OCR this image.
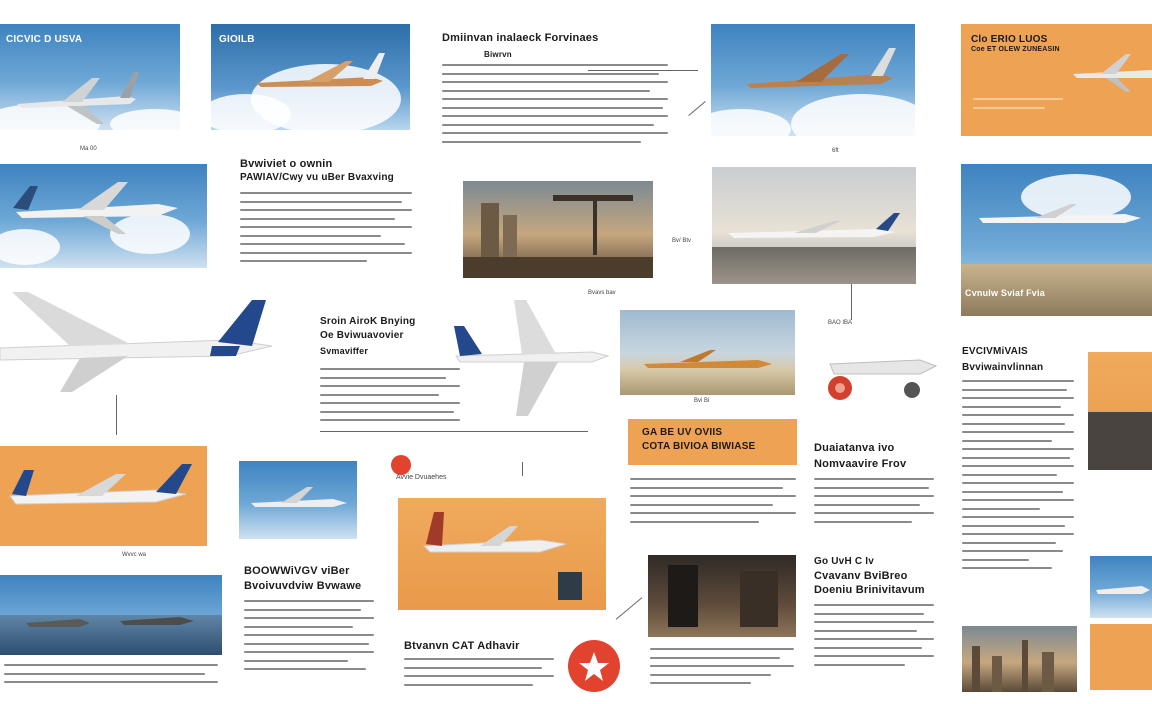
CICVIC D USVA
Ma 00
GIOILB	Dmiinvan inalaeck Forvinaes
Biwrvn
6ft
Clo ERIO LUOS
Coe ET OLEW ZUNEASIN
Bvwiviet o ownin
PAWIAV/Cwy vu uBer Bvaxving
Bv/ Btv
Bvavs bav	Cvnulw Sviaf Fvia
Sroin AiroK Bnying
Oe Bviwuavovier
Svmaviffer
Bvi Bi
BAO IBA
EVCIVMiVAIS
Bvviwainvlinnan
Wvvc wa
Avvie Dvuaehes
GA BE UV OVIIS
COTA BIVIOA BIWIASE	Duaiatanva ivo
Nomvaavire Frov
BOOWWiVGV viBer
Bvoivuvdviw Bvwawe
Btvanvn CAT Adhavir
Go UvH C Iv
Cvavanv BviBreo
Doeniu Brinivitavum
